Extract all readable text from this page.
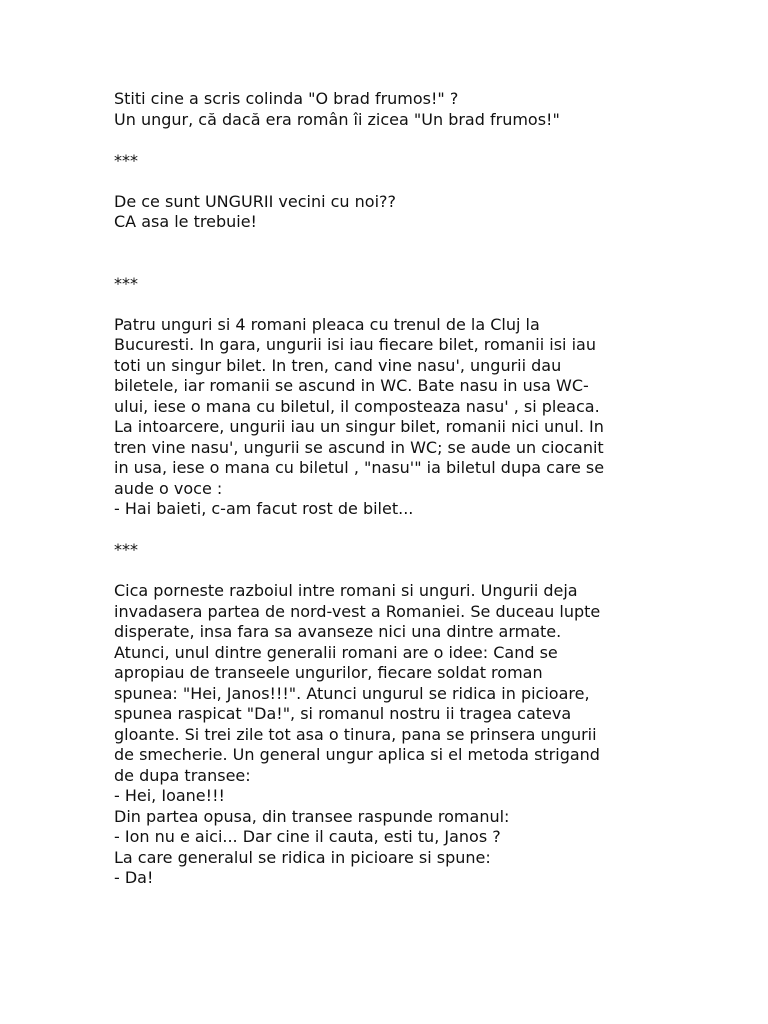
Stiti cine a scris colinda "O brad frumos!" ?
Un ungur, că dacă era român îi zicea "Un brad frumos!"
***
De ce sunt UNGURII vecini cu noi??
CA asa le trebuie!
***
Patru unguri si 4 romani pleaca cu trenul de la Cluj la
Bucuresti. In gara, ungurii isi iau fiecare bilet, romanii isi iau
toti un singur bilet. In tren, cand vine nasu', ungurii dau
biletele, iar romanii se ascund in WC. Bate nasu in usa WC-
ului, iese o mana cu biletul, il composteaza nasu' , si pleaca.
La intoarcere, ungurii iau un singur bilet, romanii nici unul. In
tren vine nasu', ungurii se ascund in WC; se aude un ciocanit
in usa, iese o mana cu biletul , "nasu'" ia biletul dupa care se
aude o voce :
- Hai baieti, c-am facut rost de bilet...
***
Cica porneste razboiul intre romani si unguri. Ungurii deja
invadasera partea de nord-vest a Romaniei. Se duceau lupte
disperate, insa fara sa avanseze nici una dintre armate.
Atunci, unul dintre generalii romani are o idee: Cand se
apropiau de transeele ungurilor, fiecare soldat roman
spunea: "Hei, Janos!!!". Atunci ungurul se ridica in picioare,
spunea raspicat "Da!", si romanul nostru ii tragea cateva
gloante. Si trei zile tot asa o tinura, pana se prinsera ungurii
de smecherie. Un general ungur aplica si el metoda strigand
de dupa transee:
- Hei, Ioane!!!
Din partea opusa, din transee raspunde romanul:
- Ion nu e aici... Dar cine il cauta, esti tu, Janos ?
La care generalul se ridica in picioare si spune:
- Da!
